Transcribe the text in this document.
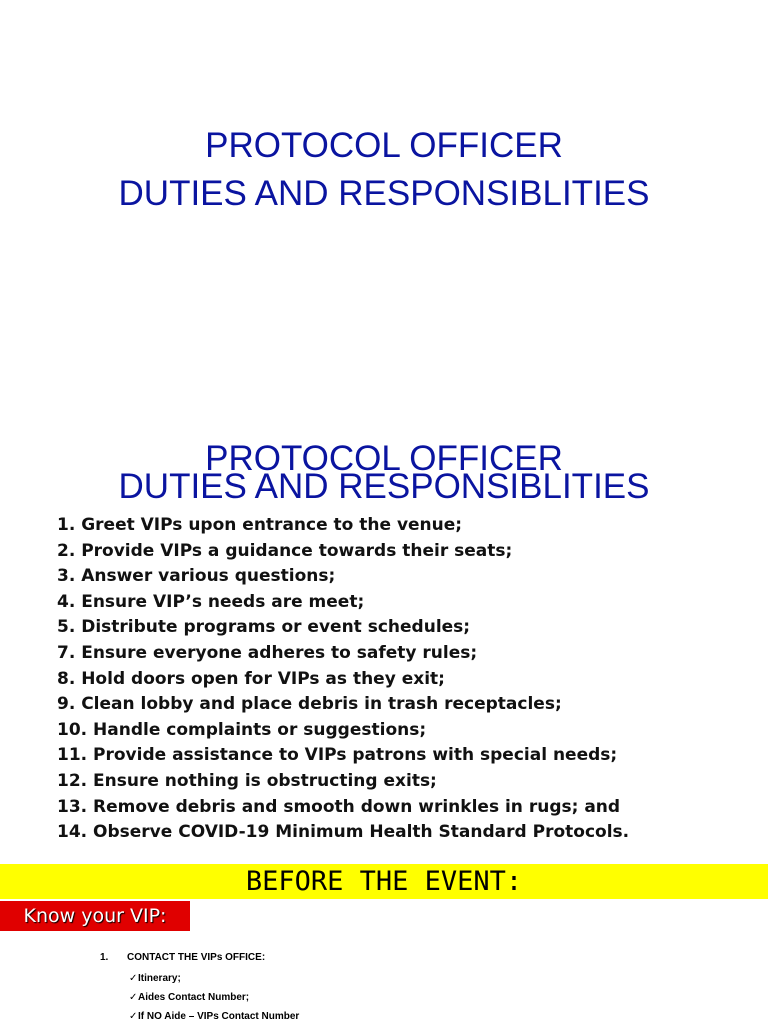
PROTOCOL OFFICER
DUTIES AND RESPONSIBLITIES
PROTOCOL OFFICER
DUTIES AND RESPONSIBLITIES
1. Greet VIPs upon entrance to the venue;
2. Provide VIPs a guidance towards their seats;
3. Answer various questions;
4. Ensure VIP’s needs are meet;
5. Distribute programs or event schedules;
7. Ensure everyone adheres to safety rules;
8. Hold doors open for VIPs as they exit;
9. Clean lobby and place debris in trash receptacles;
10. Handle complaints or suggestions;
11. Provide assistance to VIPs patrons with special needs;
12. Ensure nothing is obstructing exits;
13. Remove debris and smooth down wrinkles in rugs; and
14. Observe COVID-19 Minimum Health Standard Protocols.
BEFORE THE EVENT:
Know your VIP:
1. CONTACT THE VIPs OFFICE:
✓Itinerary;
✓Aides Contact Number;
✓If NO Aide – VIPs Contact Number
